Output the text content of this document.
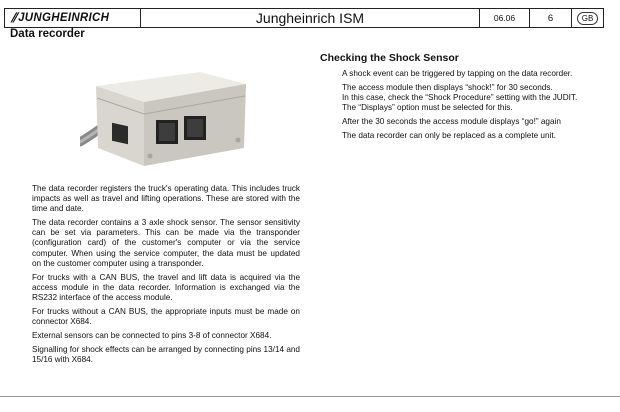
⫽ JUNGHEINRICH	Jungheinrich ISM	06.06	6	GB
Data recorder

The data recorder registers the truck's operating data. This includes truck impacts as well as travel and lifting operations. These are stored with the time and date.

The data recorder contains a 3 axle shock sensor. The sensor sensitivity can be set via parameters. This can be made via the transponder (configuration card) of the customer's computer or via the service computer. When using the service computer, the data must be updated on the customer computer using a transponder.

For trucks with a CAN BUS, the travel and lift data is acquired via the access module in the data recorder. Information is exchanged via the RS232 interface of the access module.

For trucks without a CAN BUS, the appropriate inputs must be made on connector X684.

External sensors can be connected to pins 3-8 of connector X684.

Signalling for shock effects can be arranged by connecting pins 13/14 and 15/16 with X684.

Checking the Shock Sensor

A shock event can be triggered by tapping on the data recorder.

The access module then displays “shock!” for 30 seconds.
In this case, check the “Shock Procedure” setting with the JUDIT.
The “Displays” option must be selected for this.

After the 30 seconds the access module displays “go!” again

The data recorder can only be replaced as a complete unit.
